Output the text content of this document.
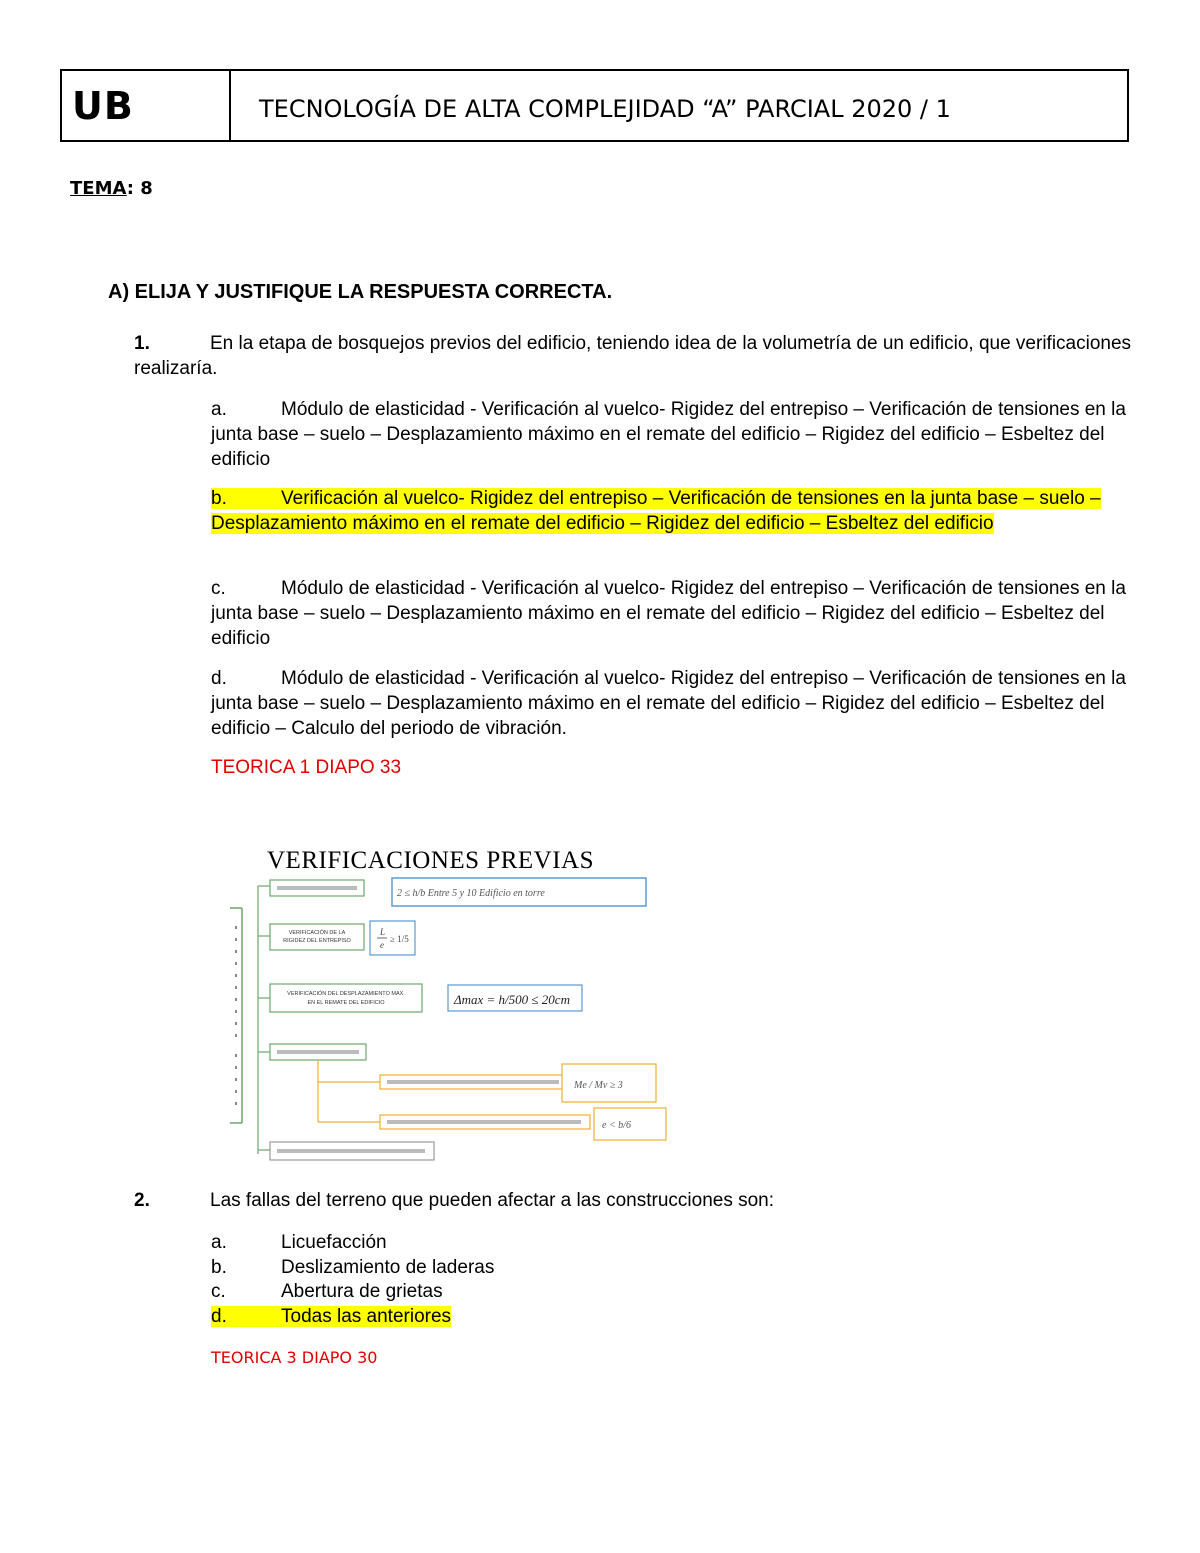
UB	TECNOLOGÍA DE ALTA COMPLEJIDAD “A” PARCIAL 2020 / 1
TEMA: 8
A) ELIJA Y JUSTIFIQUE LA RESPUESTA CORRECTA.
1.	En la etapa de bosquejos previos del edificio, teniendo idea de la volumetría de un edificio, que verificaciones realizaría.
a.	Módulo de elasticidad - Verificación al vuelco- Rigidez del entrepiso – Verificación de tensiones en la junta base – suelo – Desplazamiento máximo en el remate del edificio – Rigidez del edificio – Esbeltez del edificio
b.	Verificación al vuelco- Rigidez del entrepiso – Verificación de tensiones en la junta base – suelo – Desplazamiento máximo en el remate del edificio – Rigidez del edificio – Esbeltez del edificio
c.	Módulo de elasticidad - Verificación al vuelco- Rigidez del entrepiso – Verificación de tensiones en la junta base – suelo – Desplazamiento máximo en el remate del edificio – Rigidez del edificio – Esbeltez del edificio
d.	Módulo de elasticidad - Verificación al vuelco- Rigidez del entrepiso – Verificación de tensiones en la junta base – suelo – Desplazamiento máximo en el remate del edificio – Rigidez del edificio – Esbeltez del edificio – Calculo del periodo de vibración.
TEORICA 1 DIAPO 33
VERIFICACIONES PREVIAS
2 ≤ h/b Entre 5 y 10 Edificio en torre
VERIFICACIÓN DE LA
RIGIDEZ DEL ENTREPISO
L
e
≥ 1/5
VERIFICACIÓN DEL DESPLAZAMIENTO MAX.
EN EL REMATE DEL EDIFICIO	Δmax = h/500 ≤ 20cm
Me / Mv ≥ 3
e < b/6
2.	Las fallas del terreno que pueden afectar a las construcciones son:
a.	Licuefacción
b.	Deslizamiento de laderas
c.	Abertura de grietas
d.	Todas las anteriores
TEORICA 3 DIAPO 30
